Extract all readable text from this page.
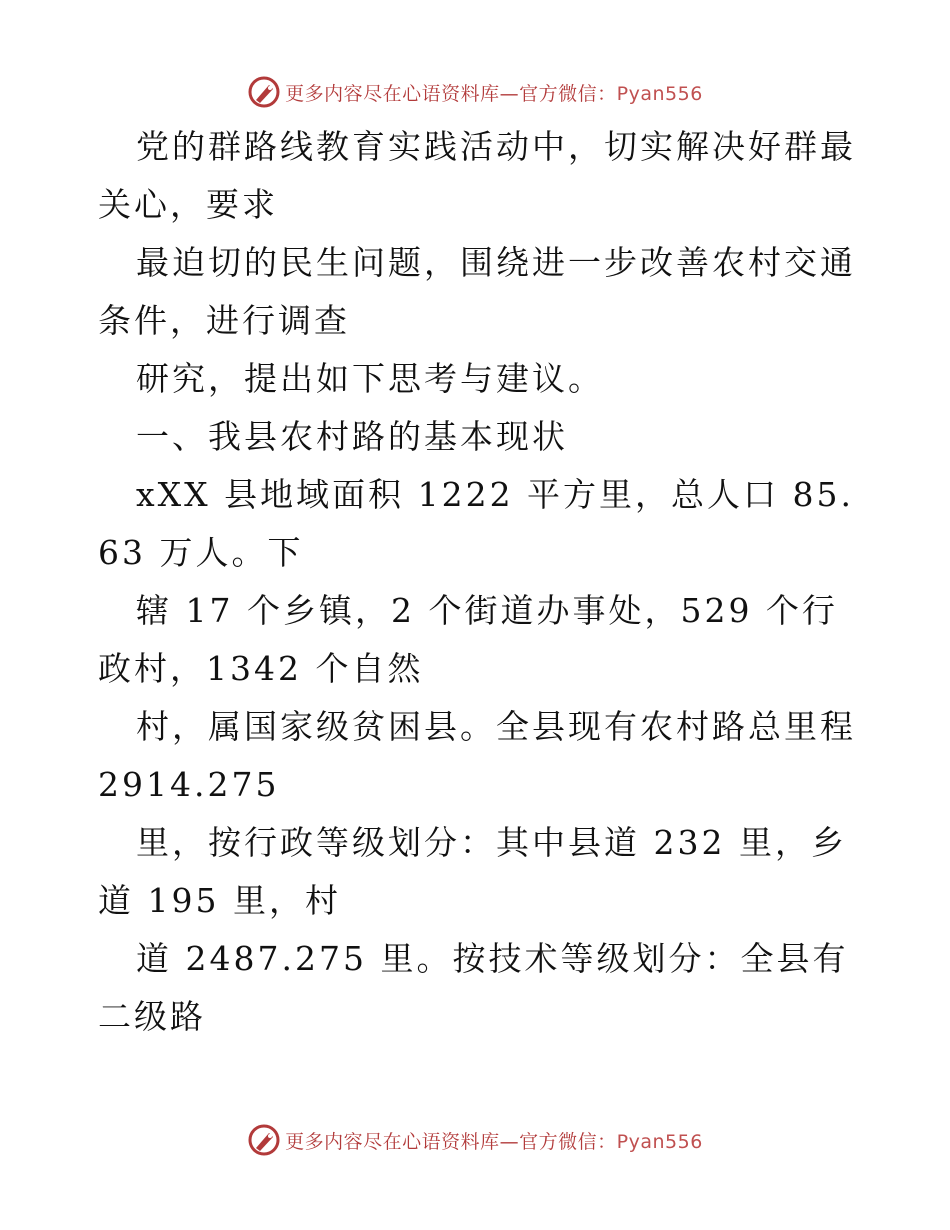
更多内容尽在心语资料库—官方微信：Pyan556

党的群路线教育实践活动中，切实解决好群最关心，要求

最迫切的民生问题，围绕进一步改善农村交通条件，进行调查

研究，提出如下思考与建议。

一、我县农村路的基本现状

xXX 县地域面积 1222 平方里，总人口 85.63 万人。下

辖 17 个乡镇，2 个街道办事处，529 个行政村，1342 个自然

村，属国家级贫困县。全县现有农村路总里程 2914.275

里，按行政等级划分：其中县道 232 里，乡道 195 里，村

道 2487.275 里。按技术等级划分：全县有二级路

更多内容尽在心语资料库—官方微信：Pyan556
